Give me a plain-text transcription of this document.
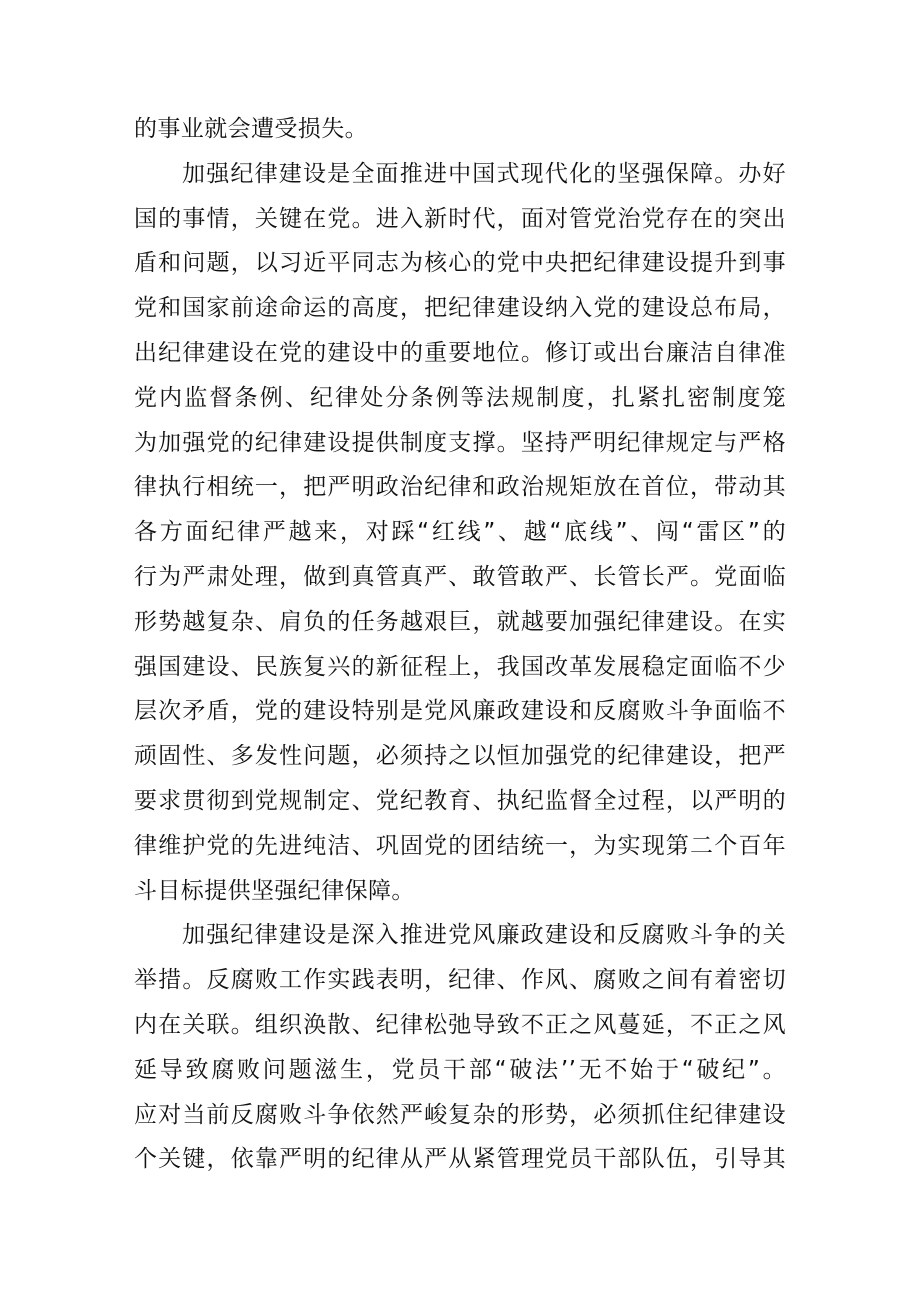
的事业就会遭受损失。
加强纪律建设是全面推进中国式现代化的坚强保障。办好
国的事情，关键在党。进入新时代，面对管党治党存在的突出
盾和问题，以习近平同志为核心的党中央把纪律建设提升到事
党和国家前途命运的高度，把纪律建设纳入党的建设总布局，
出纪律建设在党的建设中的重要地位。修订或出台廉洁自律准
党内监督条例、纪律处分条例等法规制度，扎紧扎密制度笼
为加强党的纪律建设提供制度支撑。坚持严明纪律规定与严格
律执行相统一，把严明政治纪律和政治规矩放在首位，带动其
各方面纪律严越来，对踩“红线”、越“底线”、闯“雷区”的
行为严肃处理，做到真管真严、敢管敢严、长管长严。党面临
形势越复杂、肩负的任务越艰巨，就越要加强纪律建设。在实
强国建设、民族复兴的新征程上，我国改革发展稳定面临不少
层次矛盾，党的建设特别是党风廉政建设和反腐败斗争面临不
顽固性、多发性问题，必须持之以恒加强党的纪律建设，把严
要求贯彻到党规制定、党纪教育、执纪监督全过程，以严明的
律维护党的先进纯洁、巩固党的团结统一，为实现第二个百年
斗目标提供坚强纪律保障。
加强纪律建设是深入推进党风廉政建设和反腐败斗争的关
举措。反腐败工作实践表明，纪律、作风、腐败之间有着密切
内在关联。组织涣散、纪律松弛导致不正之风蔓延，不正之风
延导致腐败问题滋生，党员干部“破法’’无不始于“破纪”。
应对当前反腐败斗争依然严峻复杂的形势，必须抓住纪律建设
个关键，依靠严明的纪律从严从紧管理党员干部队伍，引导其
